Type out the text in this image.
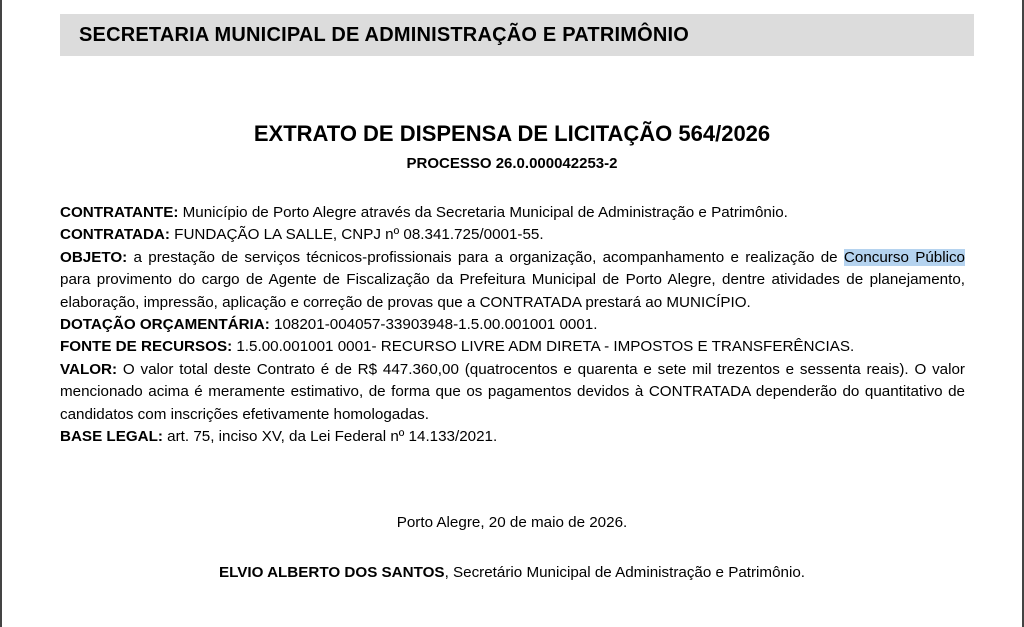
SECRETARIA MUNICIPAL DE ADMINISTRAÇÃO E PATRIMÔNIO
EXTRATO DE DISPENSA DE LICITAÇÃO 564/2026
PROCESSO 26.0.000042253-2

CONTRATANTE: Município de Porto Alegre através da Secretaria Municipal de Administração e Patrimônio.

CONTRATADA: FUNDAÇÃO LA SALLE, CNPJ nº 08.341.725/0001-55.

OBJETO: a prestação de serviços técnicos-profissionais para a organização, acompanhamento e realização de Concurso Público para provimento do cargo de Agente de Fiscalização da Prefeitura Municipal de Porto Alegre, dentre atividades de planejamento, elaboração, impressão, aplicação e correção de provas que a CONTRATADA prestará ao MUNICÍPIO.

DOTAÇÃO ORÇAMENTÁRIA: 108201-004057-33903948-1.5.00.001001 0001.

FONTE DE RECURSOS: 1.5.00.001001 0001- RECURSO LIVRE ADM DIRETA - IMPOSTOS E TRANSFERÊNCIAS.

VALOR: O valor total deste Contrato é de R$ 447.360,00 (quatrocentos e quarenta e sete mil trezentos e sessenta reais). O valor mencionado acima é meramente estimativo, de forma que os pagamentos devidos à CONTRATADA dependerão do quantitativo de candidatos com inscrições efetivamente homologadas.

BASE LEGAL: art. 75, inciso XV, da Lei Federal nº 14.133/2021.

Porto Alegre, 20 de maio de 2026.
ELVIO ALBERTO DOS SANTOS, Secretário Municipal de Administração e Patrimônio.
